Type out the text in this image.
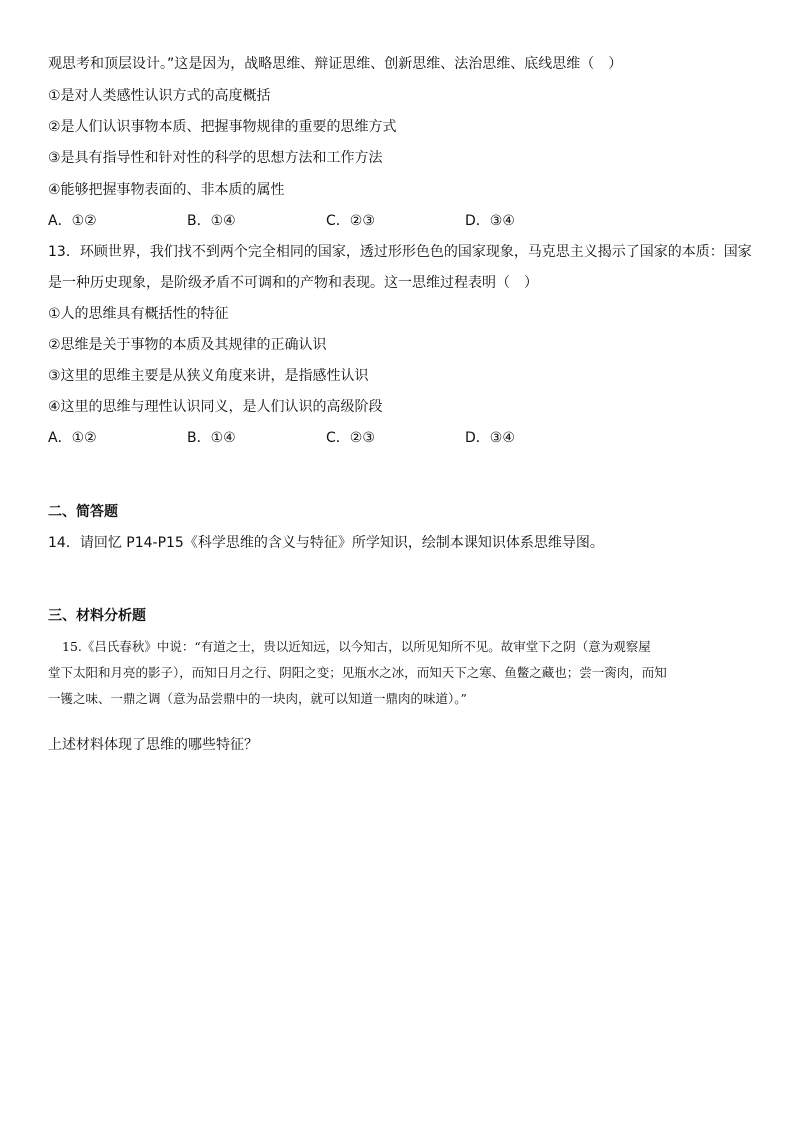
观思考和顶层设计。”这是因为，战略思维、辩证思维、创新思维、法治思维、底线思维（　）
①是对人类感性认识方式的高度概括
②是人们认识事物本质、把握事物规律的重要的思维方式
③是具有指导性和针对性的科学的思想方法和工作方法
④能够把握事物表面的、非本质的属性
A．①②	B．①④	C．②③	D．③④
13．环顾世界，我们找不到两个完全相同的国家，透过形形色色的国家现象，马克思主义揭示了国家的本质：国家
是一种历史现象，是阶级矛盾不可调和的产物和表现。这一思维过程表明（　）
①人的思维具有概括性的特征
②思维是关于事物的本质及其规律的正确认识
③这里的思维主要是从狭义角度来讲，是指感性认识
④这里的思维与理性认识同义，是人们认识的高级阶段
A．①②	B．①④	C．②③	D．③④
二、简答题
14．请回忆 P14-P15《科学思维的含义与特征》所学知识，绘制本课知识体系思维导图。
三、材料分析题
15.《吕氏春秋》中说：“有道之士，贵以近知远，以今知古，以所见知所不见。故审堂下之阴（意为观察屋
堂下太阳和月亮的影子），而知日月之行、阴阳之变；见瓶水之冰，而知天下之寒、鱼鳖之藏也；尝一脔肉，而知
一镬之味、一鼎之调（意为品尝鼎中的一块肉，就可以知道一鼎肉的味道）。”
上述材料体现了思维的哪些特征？
